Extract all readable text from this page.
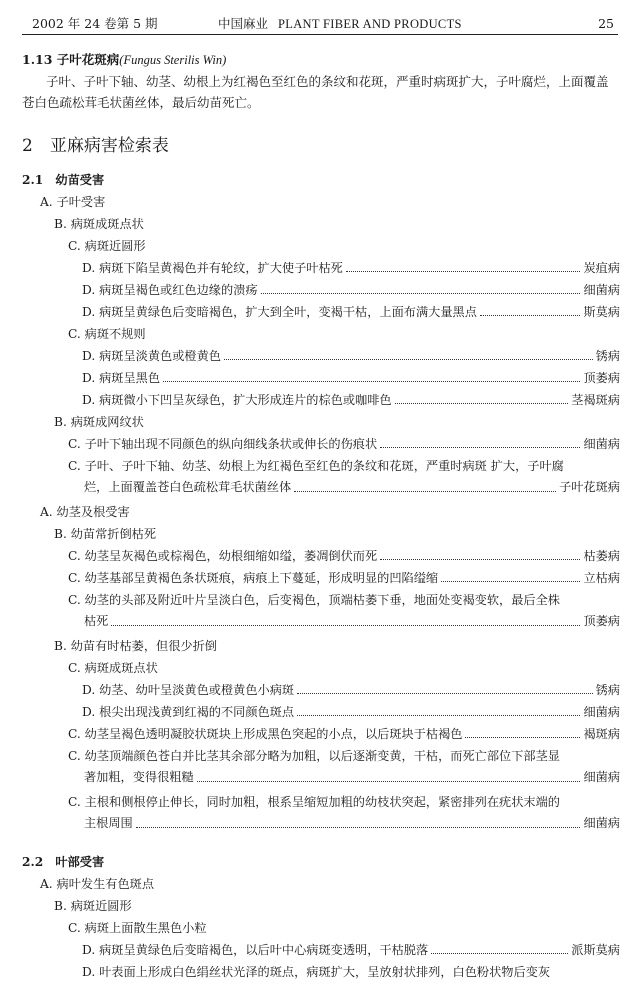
2002 年 24 卷第 5 期	中国麻业 PLANT FIBER AND PRODUCTS	25
1.13 子叶花斑病(Fungus Sterilis Win)

子叶、子叶下轴、幼茎、幼根上为红褐色至红色的条纹和花斑，严重时病斑扩大，子叶腐烂，上面覆盖苍白色疏松茸毛状菌丝体，最后幼苗死亡。

2　亚麻病害检索表
2.1　幼苗受害
A. 子叶受害
B. 病斑成斑点状
C. 病斑近圆形
D. 病斑下陷呈黄褐色并有轮纹，扩大使子叶枯死	炭疽病
D. 病斑呈褐色或红色边缘的溃疡	细菌病
D. 病斑呈黄绿色后变暗褐色，扩大到全叶，变褐干枯，上面布满大量黑点	斯莫病
C. 病斑不规则
D. 病斑呈淡黄色或橙黄色	锈病
D. 病斑呈黑色	顶萎病
D. 病斑微小下凹呈灰绿色，扩大形成连片的棕色或咖啡色	茎褐斑病
B. 病斑成网纹状
C. 子叶下轴出现不同颜色的纵向细线条状或伸长的伤痕状	细菌病
C. 子叶、子叶下轴、幼茎、幼根上为红褐色至红色的条纹和花斑，严重时病斑 扩大，子叶腐
烂，上面覆盖苍白色疏松茸毛状菌丝体	子叶花斑病
A. 幼茎及根受害
B. 幼苗常折倒枯死
C. 幼茎呈灰褐色或棕褐色，幼根细缩如缢，萎凋倒伏而死	枯萎病
C. 幼茎基部呈黄褐色条状斑痕，病痕上下蔓延，形成明显的凹陷缢缩	立枯病
C. 幼茎的头部及附近叶片呈淡白色，后变褐色，顶端枯萎下垂，地面处变褐变软，最后全株
枯死	顶萎病
B. 幼苗有时枯萎，但很少折倒
C. 病斑成斑点状
D. 幼茎、幼叶呈淡黄色或橙黄色小病斑	锈病
D. 根尖出现浅黄到红褐的不同颜色斑点	细菌病
C. 幼茎呈褐色透明凝胶状斑块上形成黑色突起的小点，以后斑块于枯褐色	褐斑病
C. 幼茎顶端颜色苍白并比茎其余部分略为加粗，以后逐渐变黄，干枯，而死亡部位下部茎显
著加粗，变得很粗糙	细菌病
C. 主根和侧根停止伸长，同时加粗，根系呈缩短加粗的幼枝状突起，紧密排列在疣状末端的
主根周围	细菌病
2.2　叶部受害
A. 病叶发生有色斑点
B. 病斑近圆形
C. 病斑上面散生黑色小粒
D. 病斑呈黄绿色后变暗褐色，以后叶中心病斑变透明，干枯脱落	派斯莫病
D. 叶表面上形成白色绢丝状光泽的斑点，病斑扩大，呈放射状排列，白色粉状物后变灰
